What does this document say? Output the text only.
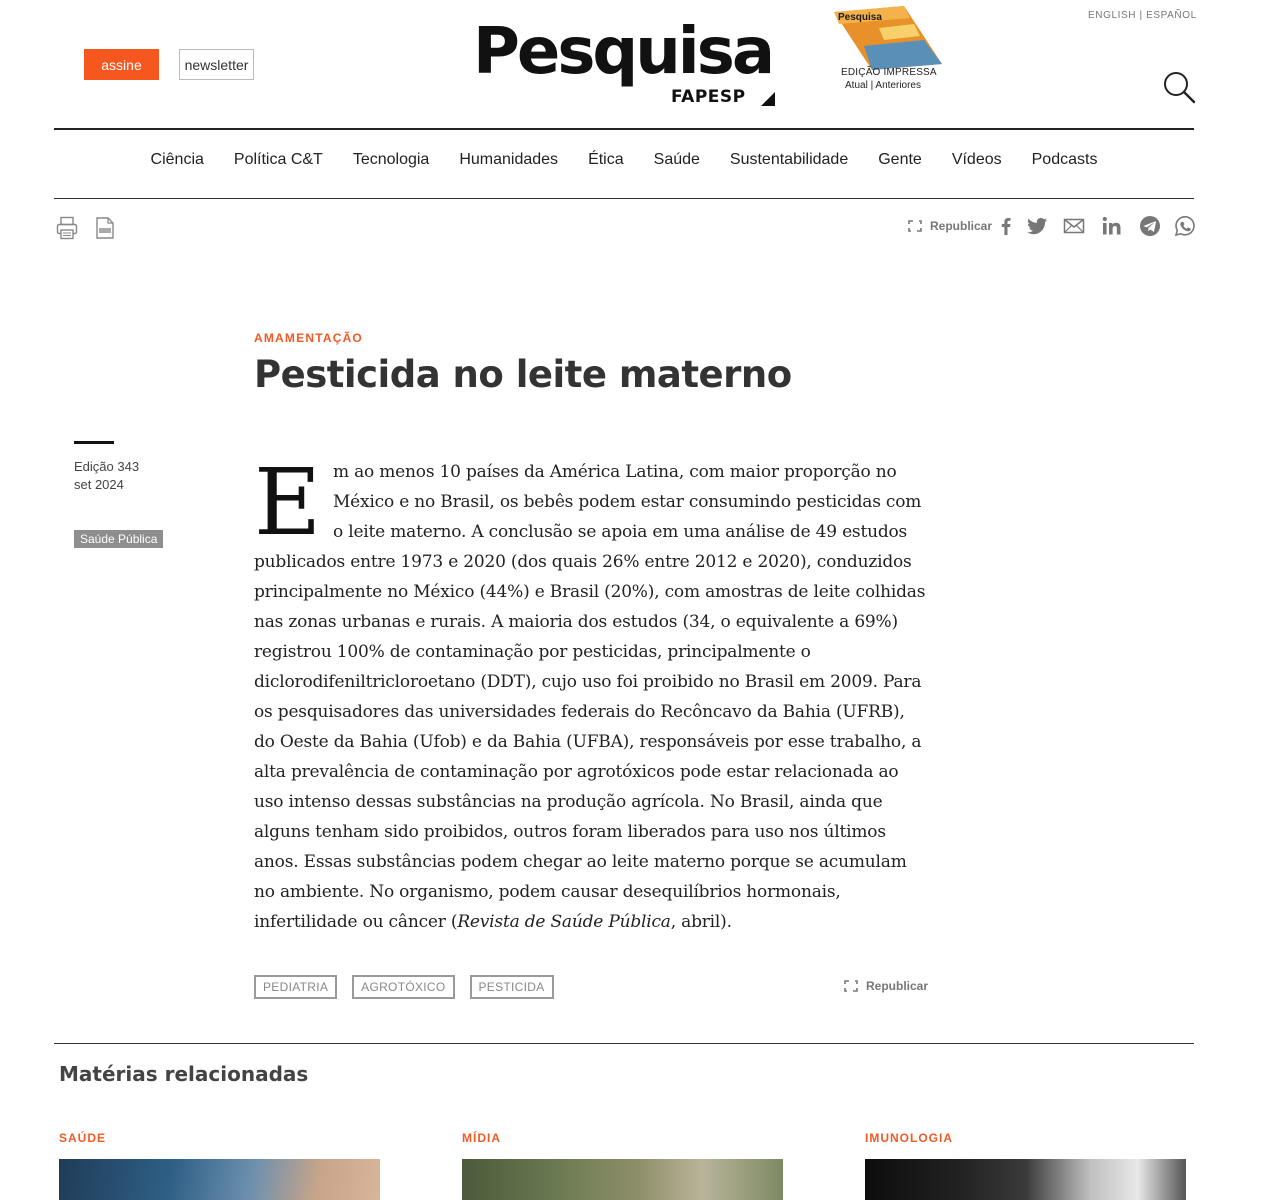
assine	newsletter	Pesquisa
FAPESP
Pesquisa
EDIÇÃO IMPRESSA
Atual | Anteriores
ENGLISH | ESPAÑOL
Ciência	Política C&T	Tecnologia	Humanidades	Ética	Saúde	Sustentabilidade	Gente	Vídeos	Podcasts
Republicar
AMAMENTAÇÃO
Pesticida no leite materno
Edição 343
set 2024
Saúde Pública Em ao menos 10 países da América Latina, com maior proporção no México e no Brasil, os bebês podem estar consumindo pesticidas com o leite materno. A conclusão se apoia em uma análise de 49 estudos publicados entre 1973 e 2020 (dos quais 26% entre 2012 e 2020), conduzidos principalmente no México (44%) e Brasil (20%), com amostras de leite colhidas nas zonas urbanas e rurais. A maioria dos estudos (34, o equivalente a 69%) registrou 100% de contaminação por pesticidas, principalmente o diclorodifeniltricloroetano (DDT), cujo uso foi proibido no Brasil em 2009. Para os pesquisadores das universidades federais do Recôncavo da Bahia (UFRB), do Oeste da Bahia (Ufob) e da Bahia (UFBA), responsáveis por esse trabalho, a alta prevalência de contaminação por agrotóxicos pode estar relacionada ao uso intenso dessas substâncias na produção agrícola. No Brasil, ainda que alguns tenham sido proibidos, outros foram liberados para uso nos últimos anos. Essas substâncias podem chegar ao leite materno porque se acumulam no ambiente. No organismo, podem causar desequilíbrios hormonais, infertilidade ou câncer (Revista de Saúde Pública, abril).
PEDIATRIA	AGROTÓXICO	PESTICIDA	Republicar
Matérias relacionadas
SAÚDE	MÍDIA	IMUNOLOGIA
